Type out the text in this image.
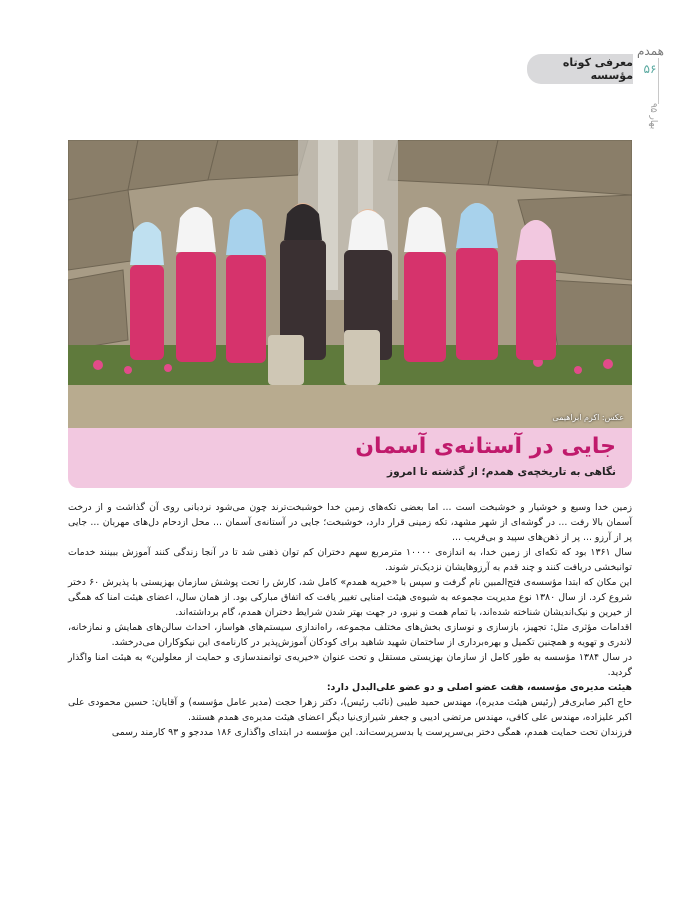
معرفی کوتاه مؤسسه
همدم
۵۶
بهار ۹۵
عکس: اکرم ابراهیمی
جایی در آستانه‌ی آسمان
نگاهی به تاریخچه‌ی همدم؛ از گذشته تا امروز

زمین خدا وسیع و خوشیار و خوشبخت است ... اما بعضی تکه‌های زمین خدا خوشبخت‌ترند چون می‌شود نردبانی روی آن گذاشت و از درخت آسمان بالا رفت ... در گوشه‌ای از شهر مشهد، تکه زمینی قرار دارد، خوشبخت؛ جایی در آستانه‌ی آسمان ... محل ازدحام دل‌های مهربان ... جایی پر از آرزو ... پر از ذهن‌های سپید و بی‌فریب ...

سال ۱۳۶۱ بود که تکه‌ای از زمین خدا، به اندازه‌ی ۱۰۰۰۰ مترمربع سهم دختران کم توان ذهنی شد تا در آنجا زندگی کنند آموزش ببینند خدمات توانبخشی دریافت کنند و چند قدم به آرزوهایشان نزدیک‌تر شوند.

این مکان که ابتدا مؤسسه‌ی فتح‌المبین نام گرفت و سپس با «خیریه همدم» کامل شد، کارش را تحت پوشش سازمان بهزیستی با پذیرش ۶۰ دختر شروع کرد. از سال ۱۳۸۰ نوع مدیریت مجموعه به شیوه‌ی هیئت امنایی تغییر یافت که اتفاق مبارکی بود. از همان سال، اعضای هیئت امنا که همگی از خیرین و نیک‌اندیشان شناخته شده‌اند، با تمام همت و نیرو، در جهت بهتر شدن شرایط دختران همدم، گام برداشته‌اند.

اقدامات مؤثری مثل: تجهیز، بازسازی و نوسازی بخش‌های مختلف مجموعه، راه‌اندازی سیستم‌های هواساز، احداث سالن‌های همایش و نمازخانه، لاندری و تهویه و همچنین تکمیل و بهره‌برداری از ساختمان شهید شاهید برای کودکان آموزش‌پذیر در کارنامه‌ی این نیکوکاران می‌درخشد.

در سال ۱۳۸۴ مؤسسه به طور کامل از سازمان بهزیستی مستقل و تحت عنوان «خیریه‌ی توانمندسازی و حمایت از معلولین» به هیئت امنا واگذار گردید.

هیئت مدیره‌ی مؤسسه، هفت عضو اصلی و دو عضو علی‌البدل دارد:

حاج اکبر صابری‌فر (رئیس هیئت مدیره)، مهندس حمید طیبی (نائب رئیس)، دکتر زهرا حجت (مدیر عامل مؤسسه) و آقایان: حسین محمودی علی اکبر علیزاده، مهندس علی کافی، مهندس مرتضی ادیبی و جعفر شیرازی‌نیا دیگر اعضای هیئت مدیره‌ی همدم هستند.

فرزندان تحت حمایت همدم، همگی دختر بی‌سرپرست یا بدسرپرست‌اند. این مؤسسه در ابتدای واگذاری ۱۸۶ مددجو و ۹۳ کارمند رسمی
